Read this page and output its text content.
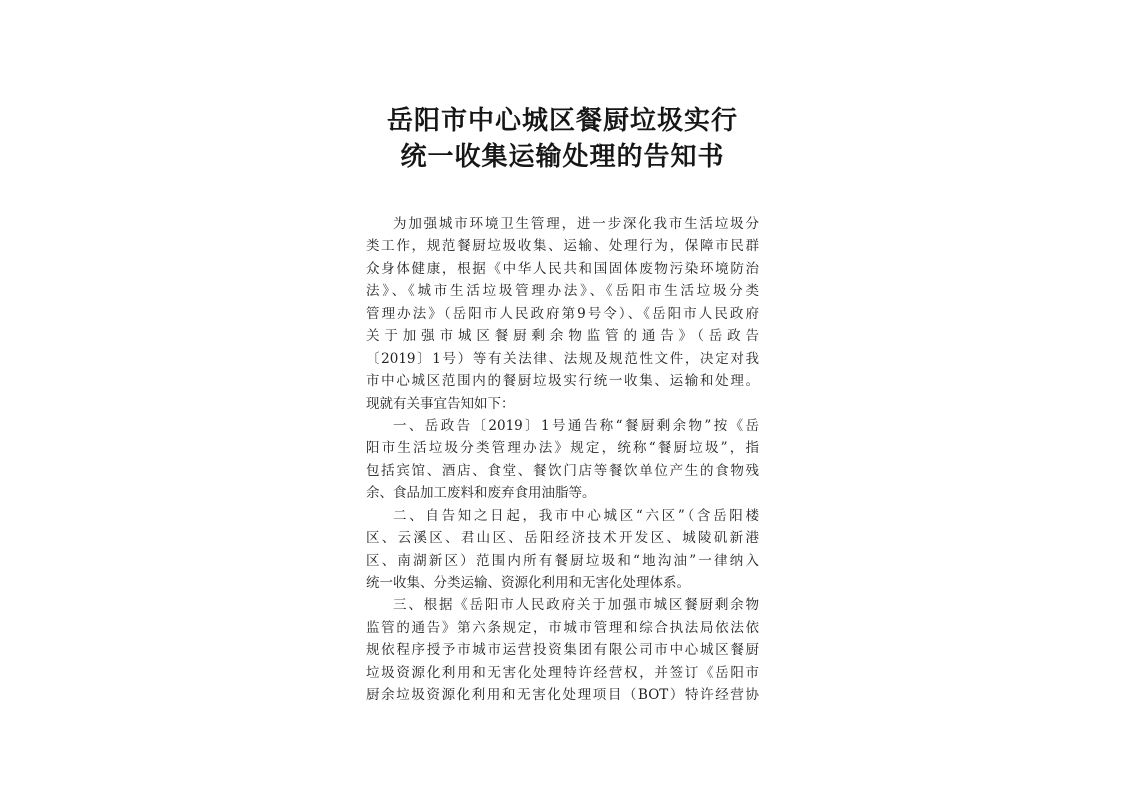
岳阳市中心城区餐厨垃圾实行
统一收集运输处理的告知书
为加强城市环境卫生管理，进一步深化我市生活垃圾分
类工作，规范餐厨垃圾收集、运输、处理行为，保障市民群
众身体健康，根据《中华人民共和国固体废物污染环境防治
法》、《城市生活垃圾管理办法》、《岳阳市生活垃圾分类
管理办法》（岳阳市人民政府第9号令）、《岳阳市人民政府
关于加强市城区餐厨剩余物监管的通告》（岳政告
〔2019〕1号）等有关法律、法规及规范性文件，决定对我
市中心城区范围内的餐厨垃圾实行统一收集、运输和处理。
现就有关事宜告知如下：
一、岳政告〔2019〕1号通告称“餐厨剩余物”按《岳
阳市生活垃圾分类管理办法》规定，统称“餐厨垃圾”，指
包括宾馆、酒店、食堂、餐饮门店等餐饮单位产生的食物残
余、食品加工废料和废弃食用油脂等。
二、自告知之日起，我市中心城区“六区”（含岳阳楼
区、云溪区、君山区、岳阳经济技术开发区、城陵矶新港
区、南湖新区）范围内所有餐厨垃圾和“地沟油”一律纳入
统一收集、分类运输、资源化利用和无害化处理体系。
三、根据《岳阳市人民政府关于加强市城区餐厨剩余物
监管的通告》第六条规定，市城市管理和综合执法局依法依
规依程序授予市城市运营投资集团有限公司市中心城区餐厨
垃圾资源化利用和无害化处理特许经营权，并签订《岳阳市
厨余垃圾资源化利用和无害化处理项目（BOT）特许经营协
